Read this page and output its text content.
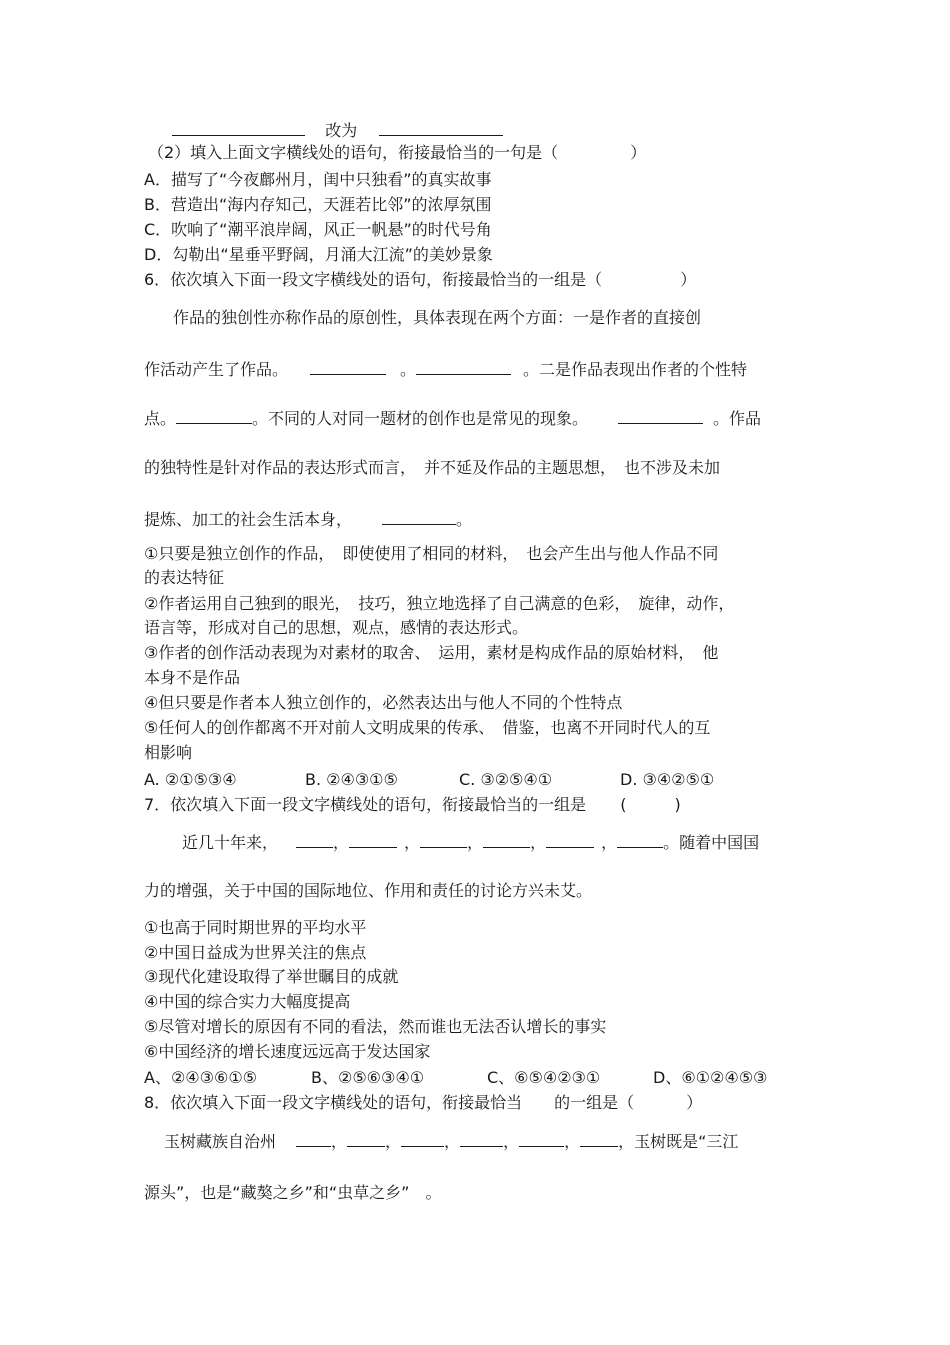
改为
（2）填入上面文字横线处的语句，衔接最恰当的一句是（	）
A．描写了“今夜鄜州月，闺中只独看”的真实故事
B．营造出“海内存知己，天涯若比邻”的浓厚氛围
C．吹响了“潮平浪岸阔，风正一帆悬”的时代号角
D．勾勒出“星垂平野阔，月涌大江流”的美妙景象
6．依次填入下面一段文字横线处的语句，衔接最恰当的一组是（	）
作品的独创性亦称作品的原创性，具体表现在两个方面：一是作者的直接创
作活动产生了作品。	。	。二是作品表现出作者的个性特
点。	。不同的人对同一题材的创作也是常见的现象。	。作品
的独特性是针对作品的表达形式而言，　并不延及作品的主题思想，　也不涉及未加
提炼、加工的社会生活本身，	。
①只要是独立创作的作品，　即使使用了相同的材料，　也会产生出与他人作品不同
的表达特征
②作者运用自己独到的眼光，　技巧，独立地选择了自己满意的色彩，　旋律，动作，
语言等，形成对自己的思想，观点，感情的表达形式。
③作者的创作活动表现为对素材的取舍、　运用，素材是构成作品的原始材料，　他
本身不是作品
④但只要是作者本人独立创作的，必然表达出与他人不同的个性特点
⑤任何人的创作都离不开对前人文明成果的传承、　借鉴，也离不开同时代人的互
相影响
A. ②①⑤③④	B. ②④③①⑤	C. ③②⑤④①	D. ③④②⑤①
7．依次填入下面一段文字横线处的语句，衔接最恰当的一组是 (	)
近几十年来，	，	，	，	，	，	。随着中国国
力的增强，关于中国的国际地位、作用和责任的讨论方兴未艾。
①也高于同时期世界的平均水平
②中国日益成为世界关注的焦点
③现代化建设取得了举世瞩目的成就
④中国的综合实力大幅度提高
⑤尽管对增长的原因有不同的看法，然而谁也无法否认增长的事实
⑥中国经济的增长速度远远高于发达国家
A、②④③⑥①⑤	B、②⑤⑥③④①	C、⑥⑤④②③①	D、⑥①②④⑤③
8．依次填入下面一段文字横线处的语句，衔接最恰当　　的一组是（	）
玉树藏族自治州	， ，	，	，	， ，玉树既是“三江
源头”，也是“藏獒之乡”和“虫草之乡”　。
